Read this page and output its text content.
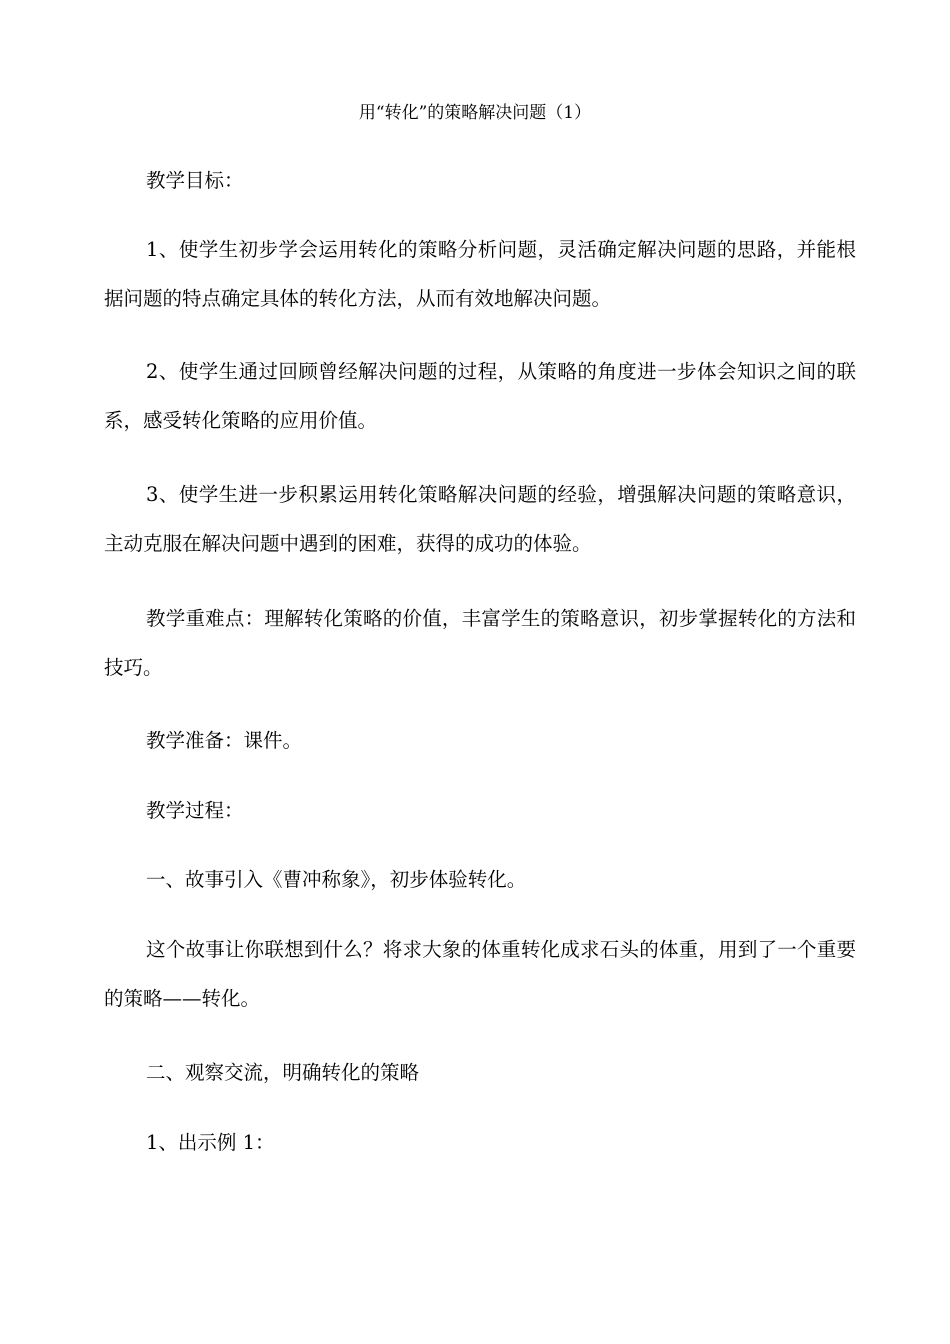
用“转化”的策略解决问题（1）

教学目标：

1、使学生初步学会运用转化的策略分析问题，灵活确定解决问题的思路，并能根据问题的特点确定具体的转化方法，从而有效地解决问题。

2、使学生通过回顾曾经解决问题的过程，从策略的角度进一步体会知识之间的联系，感受转化策略的应用价值。

3、使学生进一步积累运用转化策略解决问题的经验，增强解决问题的策略意识，主动克服在解决问题中遇到的困难，获得的成功的体验。

教学重难点：理解转化策略的价值，丰富学生的策略意识，初步掌握转化的方法和技巧。

教学准备：课件。

教学过程：

一、故事引入《曹冲称象》，初步体验转化。

这个故事让你联想到什么？将求大象的体重转化成求石头的体重，用到了一个重要的策略——转化。

二、观察交流，明确转化的策略

1、出示例 1：
